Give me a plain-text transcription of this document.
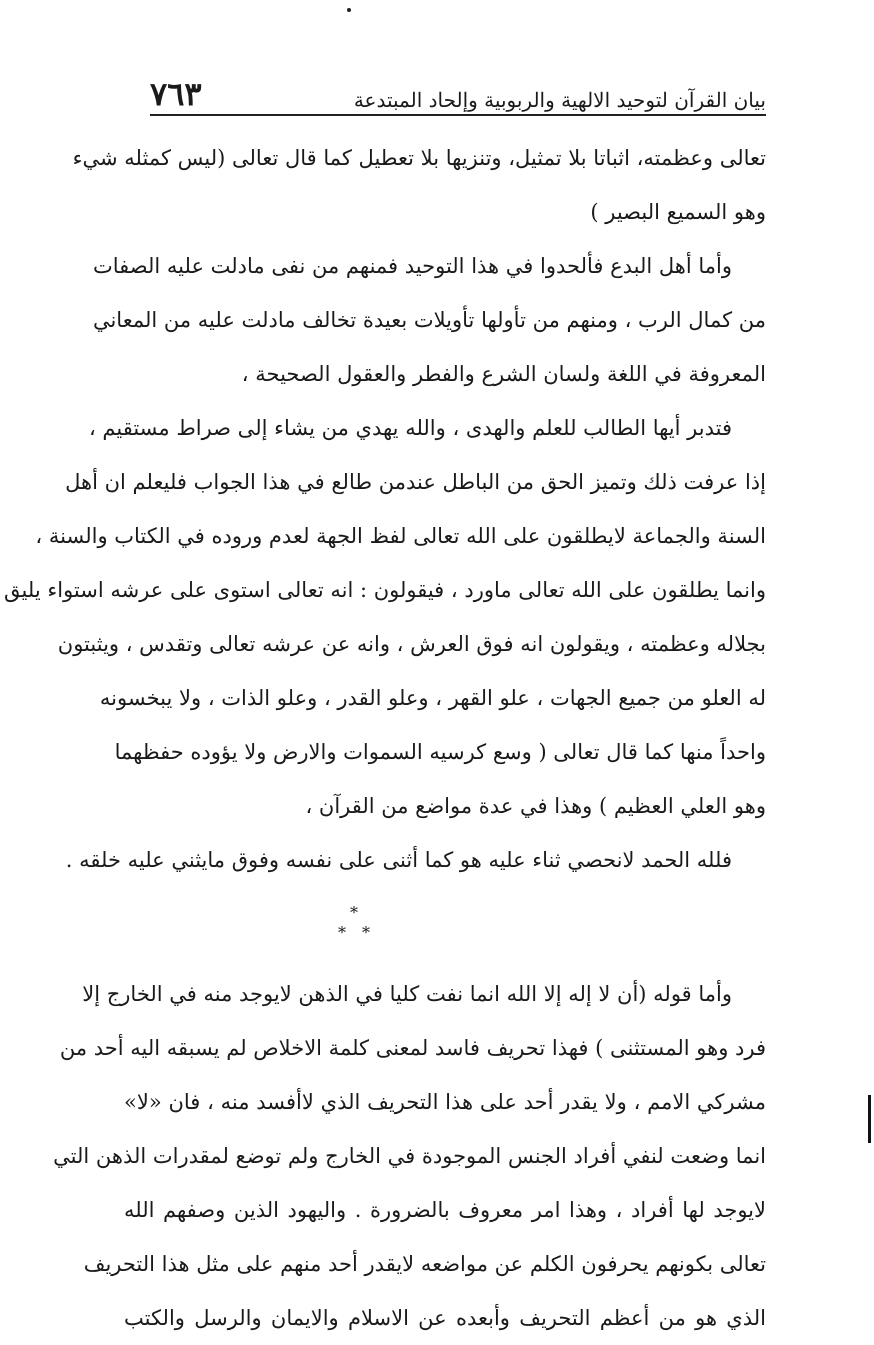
بيان القرآن لتوحيد الالهية والربوبية وإلحاد المبتدعة
٧٦٣
تعالى وعظمته، اثباتا بلا تمثيل، وتنزيها بلا تعطيل كما قال تعالى (ليس كمثله شيء
وهو السميع البصير )
وأما أهل البدع فألحدوا في هذا التوحيد فمنهم من نفى مادلت عليه الصفات
من كمال الرب ، ومنهم من تأولها تأويلات بعيدة تخالف مادلت عليه من المعاني
المعروفة في اللغة ولسان الشرع والفطر والعقول الصحيحة ،
فتدبر أيها الطالب للعلم والهدى ، والله يهدي من يشاء إلى صراط مستقيم ،
إذا عرفت ذلك وتميز الحق من الباطل عندمن طالع في هذا الجواب فليعلم ان أهل
السنة والجماعة لايطلقون على الله تعالى لفظ الجهة لعدم وروده في الكتاب والسنة ،
وانما يطلقون على الله تعالى ماورد ، فيقولون : انه تعالى استوى على عرشه استواء يليق
بجلاله وعظمته ، ويقولون انه فوق العرش ، وانه عن عرشه تعالى وتقدس ، ويثبتون
له العلو من جميع الجهات ، علو القهر ، وعلو القدر ، وعلو الذات ، ولا يبخسونه
واحداً منها كما قال تعالى ( وسع كرسيه السموات والارض ولا يؤوده حفظهما
وهو العلي العظيم ) وهذا في عدة مواضع من القرآن ،
فلله الحمد لانحصي ثناء عليه هو كما أثنى على نفسه وفوق مايثني عليه خلقه .
*
*
*
وأما قوله (أن لا إله إلا الله انما نفت كليا في الذهن لايوجد منه في الخارج إلا
فرد وهو المستثنى ) فهذا تحريف فاسد لمعنى كلمة الاخلاص لم يسبقه اليه أحد من
مشركي الامم ، ولا يقدر أحد على هذا التحريف الذي لاأفسد منه ، فان «لا»
انما وضعت لنفي أفراد الجنس الموجودة في الخارج ولم توضع لمقدرات الذهن التي
لايوجد لها أفراد ، وهذا امر معروف بالضرورة . واليهود الذين وصفهم الله
تعالى بكونهم يحرفون الكلم عن مواضعه لايقدر أحد منهم على مثل هذا التحريف
الذي هو من أعظم التحريف وأبعده عن الاسلام والايمان والرسل والكتب
